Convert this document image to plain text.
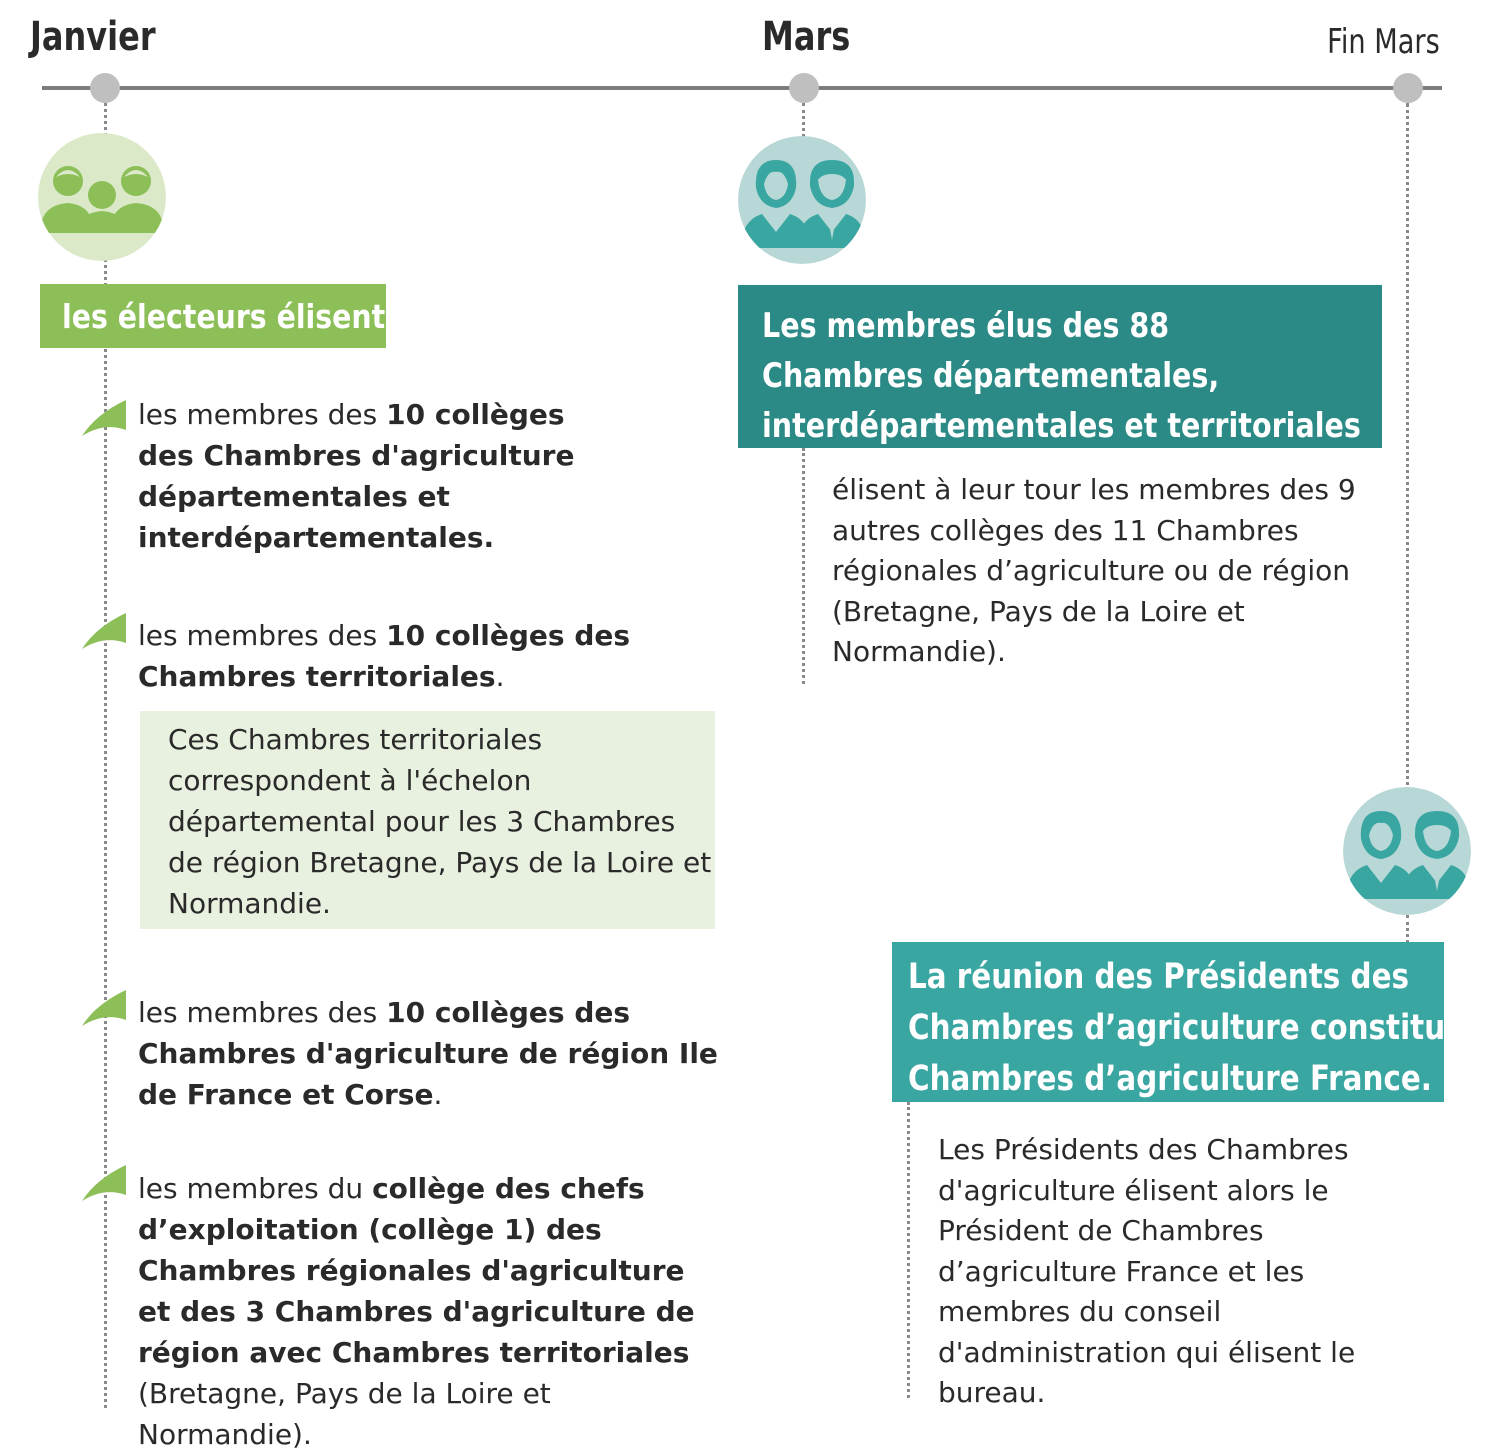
Janvier	Mars	Fin Mars
les électeurs élisent :
les membres des 10 collèges des Chambres d'agriculture départementales et interdépartementales.
les membres des 10 collèges des Chambres territoriales.
Ces Chambres territoriales correspondent à l'échelon départemental pour les 3 Chambres de région Bretagne, Pays de la Loire et Normandie.
les membres des 10 collèges des Chambres d'agriculture de région Ile de France et Corse.
les membres du collège des chefs d’exploitation (collège 1) des Chambres régionales d'agriculture et des 3 Chambres d'agriculture de région avec Chambres territoriales (Bretagne, Pays de la Loire et Normandie).
Les membres élus des 88
Chambres départementales,
interdépartementales et territoriales
élisent à leur tour les membres des 9 autres collèges des 11 Chambres régionales d’agriculture ou de région (Bretagne, Pays de la Loire et Normandie).
La réunion des Présidents des
Chambres d’agriculture constitue
Chambres d’agriculture France.
Les Présidents des Chambres d'agriculture élisent alors le Président de Chambres d’agriculture France et les membres du conseil d'administration qui élisent le bureau.
